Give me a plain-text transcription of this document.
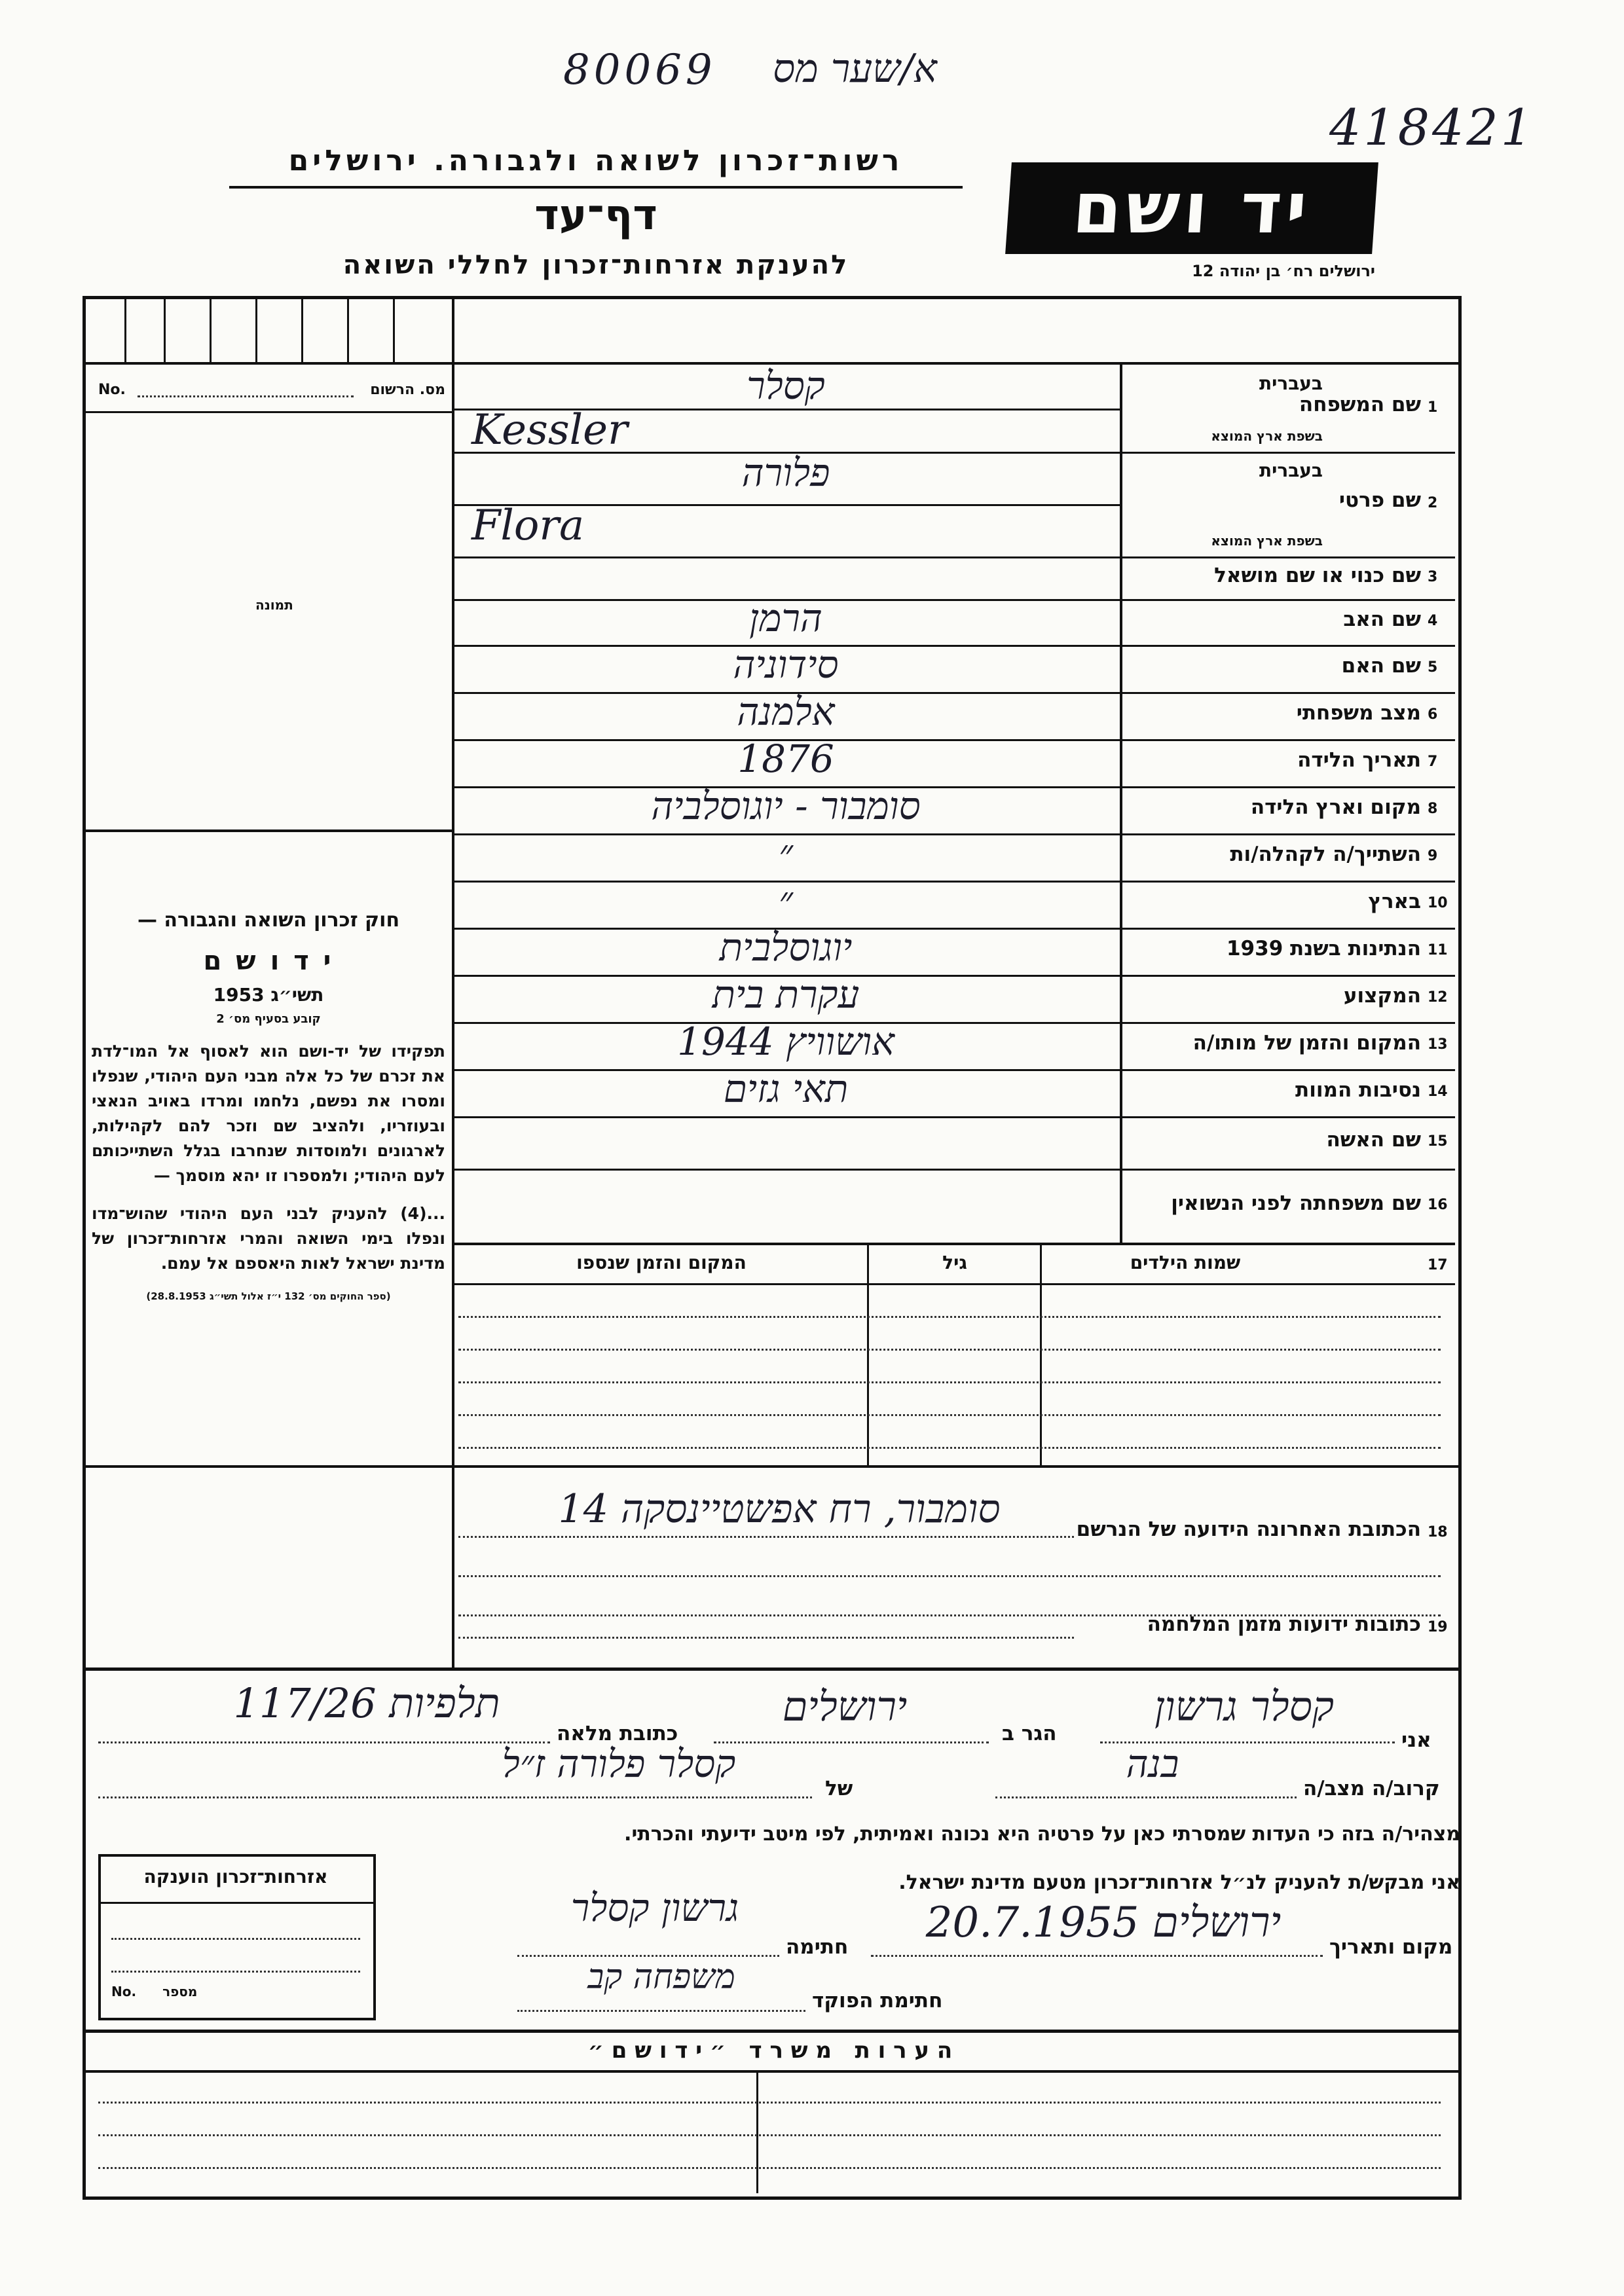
80069 א/שער מס
418421
רשות־זכרון לשואה ולגבורה. ירושלים
דף־עד
להענקת אזרחות־זכרון לחללי השואה
יד ושם
ירושלים רח׳ בן יהודה 12
No.	מס. הרשום
תמונה

חוק זכרון השואה והגבורה —

י ד ו ש ם

תשי״ג 1953

קובע בסעיף מס׳ 2

תפקידו של יד-ושם הוא לאסוף אל המו־לדת את זכרם של כל אלה מבני העם היהודי, שנפלו ומסרו את נפשם, נלחמו ומרדו באויב הנאצי ובעוזריו, ולהציב שם וזכר להם לקהילות, לארגונים ולמוסדות שנחרבו בגלל השתייכותם לעם היהודי; ולמספרו זו יהא מוסמך —

...(4) להעניק לבני העם היהודי שהוש־מדו ונפלו בימי השואה והמרי אזרחות־זכרון של מדינת ישראל לאות היאספם אל עמם.

(ספר החוקים מס׳ 132 י״ז אלול תשי״ג 28.8.1953)

1
שם המשפחה
בעברית
בשפת ארץ המוצא
קסלר
Kessler
2
שם פרטי
בעברית
בשפת ארץ המוצא
פלורה
Flora
3
שם כנוי או שם מושאל
4
שם האב
הרמן
5
שם האם
סידוניה
6
מצב משפחתי
אלמנה
7
תאריך הלידה
1876
8
מקום וארץ הלידה
סומבור - יוגוסלביה
9
השתייך/ה לקהלה/ות
״
10
בארץ
״
11
הנתינות בשנת 1939
יוגוסלבית
12
המקצוע
עקרת בית
13
המקום והזמן של מותו/ה
אושוויץ 1944
14
נסיבות המוות
תאי גזים
15
שם האשה
16
שם משפחתה לפני הנשואין
17
שמות הילדים
גיל
המקום והזמן שנספו
18
הכתובת האחרונה הידועה של הנרשם
סומבור, רח אפשטיינסקה 14
19
כתובות ידועות מזמן המלחמה
אני
קסלר גרשון
הגר ב
ירושלים
כתובת מלאה
תלפיות 117/26
קרוב/ה מצב/ה
בנה
של
קסלר פלורה ז״ל
מצהיר/ה בזה כי העדות שמסרתי כאן על פרטיה היא נכונה ואמיתית, לפי מיטב ידיעתי והכרתי.
אני מבקש/ת להעניק לנ״ל אזרחות־זכרון מטעם מדינת ישראל.
מקום ותאריך
ירושלים 20.7.1955
חתימה
גרשון קסלר
חתימת הפוקד
משפחה קב
אזרחות־זכרון הוענקה
No. מספר
ה ע ר ו ת   מ ש ר ד   ״ י ד ו ש ם ״
